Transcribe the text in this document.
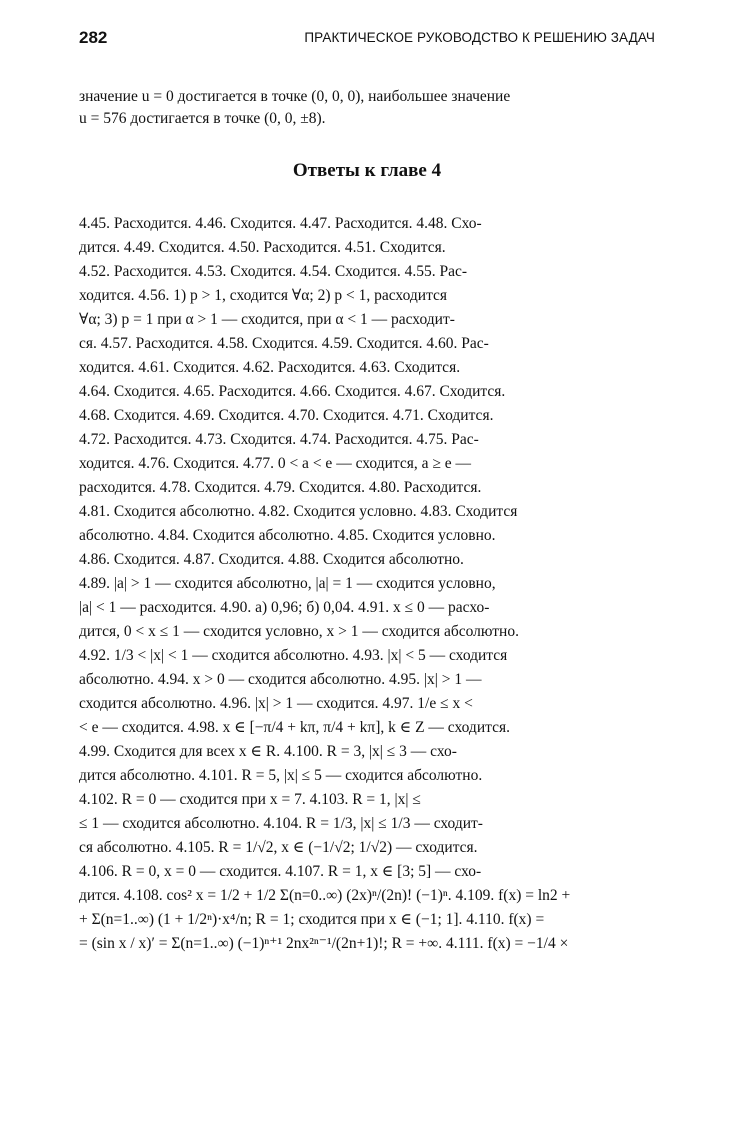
282	ПРАКТИЧЕСКОЕ РУКОВОДСТВО К РЕШЕНИЮ ЗАДАЧ
значение u = 0 достигается в точке (0, 0, 0), наибольшее значение
u = 576 достигается в точке (0, 0, ±8).
Ответы к главе 4
4.45. Расходится. 4.46. Сходится. 4.47. Расходится. 4.48. Схо-
дится. 4.49. Сходится. 4.50. Расходится. 4.51. Сходится.
4.52. Расходится. 4.53. Сходится. 4.54. Сходится. 4.55. Рас-
ходится. 4.56. 1) p > 1, сходится ∀α; 2) p < 1, расходится
∀α; 3) p = 1 при α > 1 — сходится, при α < 1 — расходит-
ся. 4.57. Расходится. 4.58. Сходится. 4.59. Сходится. 4.60. Рас-
ходится. 4.61. Сходится. 4.62. Расходится. 4.63. Сходится.
4.64. Сходится. 4.65. Расходится. 4.66. Сходится. 4.67. Сходится.
4.68. Сходится. 4.69. Сходится. 4.70. Сходится. 4.71. Сходится.
4.72. Расходится. 4.73. Сходится. 4.74. Расходится. 4.75. Рас-
ходится. 4.76. Сходится. 4.77. 0 < a < e — сходится, a ≥ e —
расходится. 4.78. Сходится. 4.79. Сходится. 4.80. Расходится.
4.81. Сходится абсолютно. 4.82. Сходится условно. 4.83. Сходится
абсолютно. 4.84. Сходится абсолютно. 4.85. Сходится условно.
4.86. Сходится. 4.87. Сходится. 4.88. Сходится абсолютно.
4.89. |a| > 1 — сходится абсолютно, |a| = 1 — сходится условно,
|a| < 1 — расходится. 4.90. а) 0,96; б) 0,04. 4.91. x ≤ 0 — расхо-
дится, 0 < x ≤ 1 — сходится условно, x > 1 — сходится абсолютно.
4.92. 1/3 < |x| < 1 — сходится абсолютно. 4.93. |x| < 5 — сходится
абсолютно. 4.94. x > 0 — сходится абсолютно. 4.95. |x| > 1 —
сходится абсолютно. 4.96. |x| > 1 — сходится. 4.97. 1/e ≤ x <
< e — сходится. 4.98. x ∈ [−π/4 + kπ, π/4 + kπ], k ∈ Z — сходится.
4.99. Сходится для всех x ∈ R. 4.100. R = 3, |x| ≤ 3 — схо-
дится абсолютно. 4.101. R = 5, |x| ≤ 5 — сходится абсолютно.
4.102. R = 0 — сходится при x = 7. 4.103. R = 1, |x| ≤
≤ 1 — сходится абсолютно. 4.104. R = 1/3, |x| ≤ 1/3 — сходит-
ся абсолютно. 4.105. R = 1/√2, x ∈ (−1/√2; 1/√2) — сходится.
4.106. R = 0, x = 0 — сходится. 4.107. R = 1, x ∈ [3; 5] — схо-
дится. 4.108. cos² x = 1/2 + 1/2 Σ(n=0..∞) (2x)ⁿ/(2n)! (−1)ⁿ. 4.109. f(x) = ln2 +
+ Σ(n=1..∞) (1 + 1/2ⁿ)·x⁴/n; R = 1; сходится при x ∈ (−1; 1]. 4.110. f(x) =
= (sin x / x)′ = Σ(n=1..∞) (−1)ⁿ⁺¹ 2nx²ⁿ⁻¹/(2n+1)!; R = +∞. 4.111. f(x) = −1/4 ×
